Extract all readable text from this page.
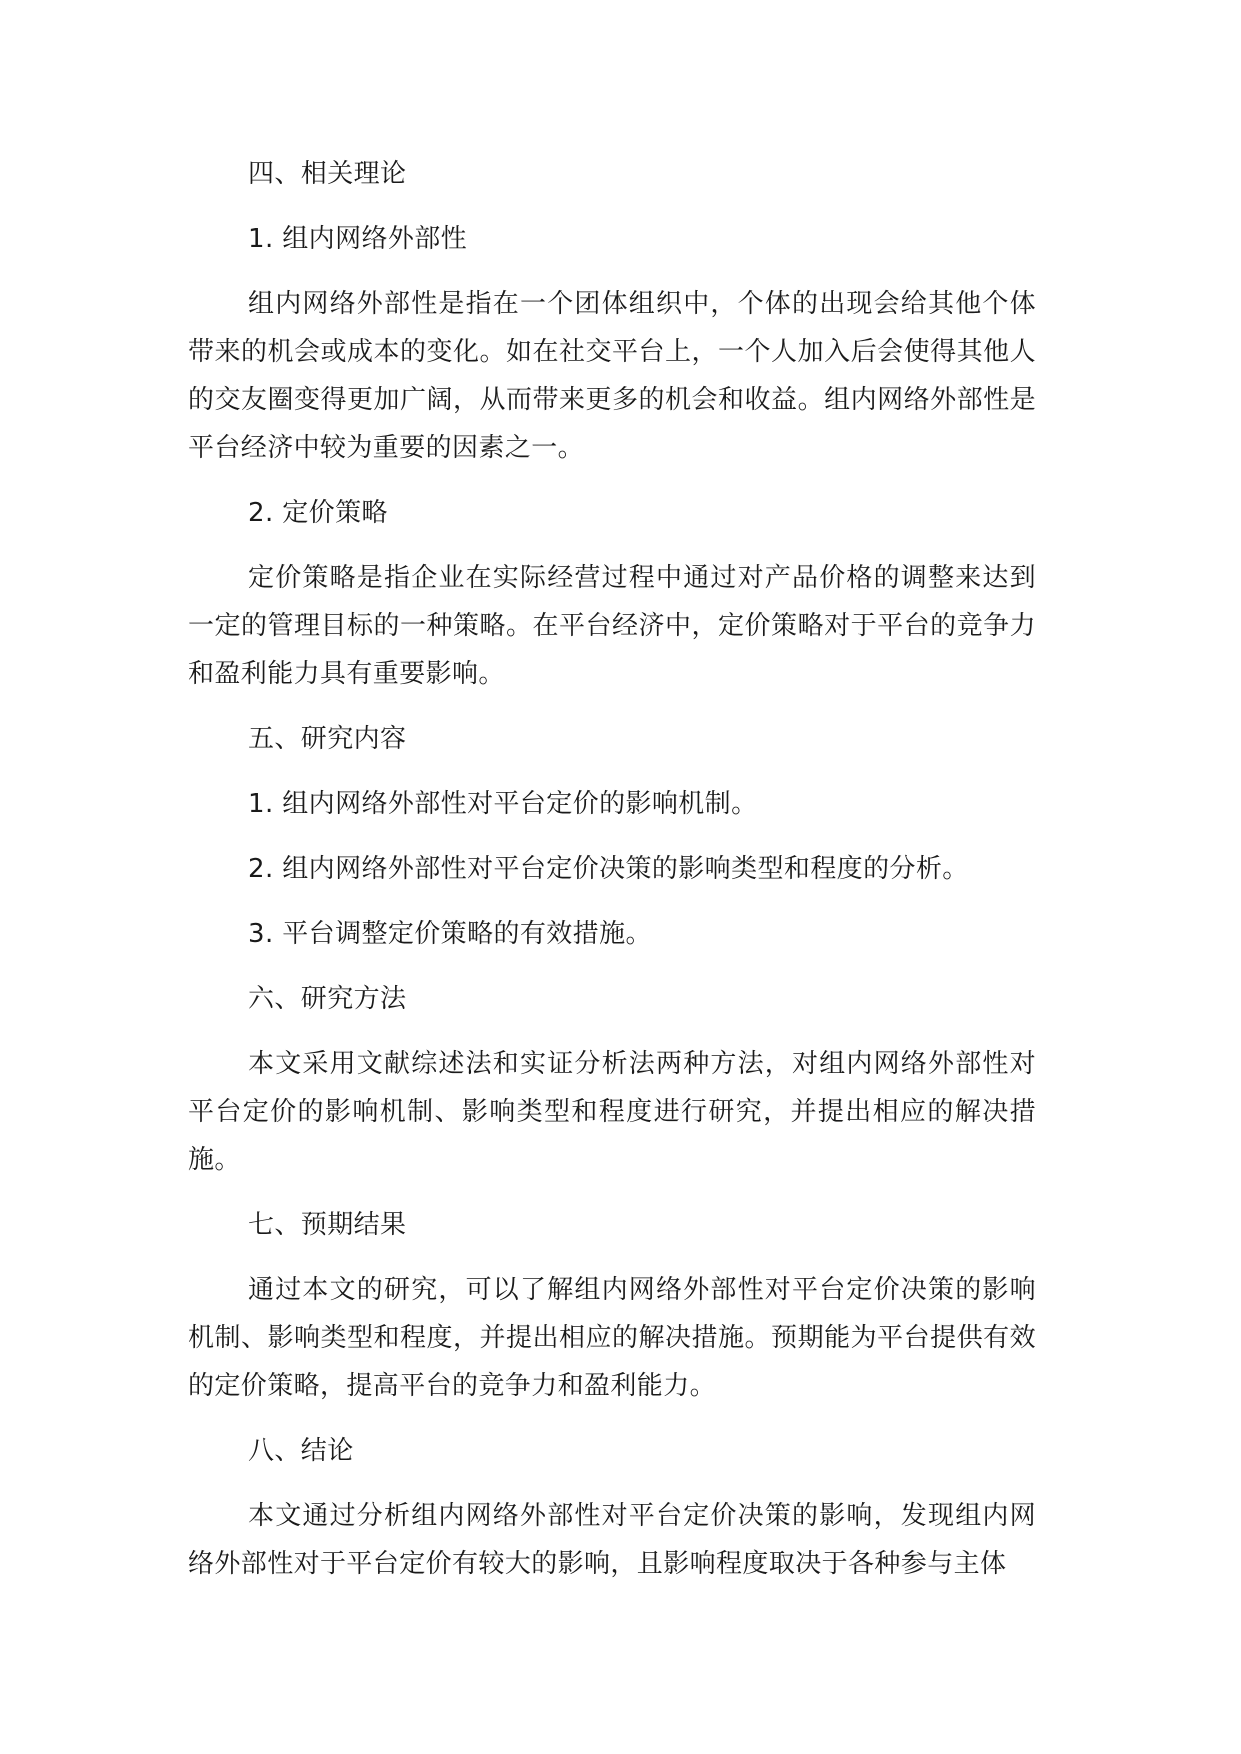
四、相关理论

1. 组内网络外部性

组内网络外部性是指在一个团体组织中，个体的出现会给其他个体带来的机会或成本的变化。如在社交平台上，一个人加入后会使得其他人的交友圈变得更加广阔，从而带来更多的机会和收益。组内网络外部性是平台经济中较为重要的因素之一。

2. 定价策略

定价策略是指企业在实际经营过程中通过对产品价格的调整来达到一定的管理目标的一种策略。在平台经济中，定价策略对于平台的竞争力和盈利能力具有重要影响。

五、研究内容

1. 组内网络外部性对平台定价的影响机制。

2. 组内网络外部性对平台定价决策的影响类型和程度的分析。

3. 平台调整定价策略的有效措施。

六、研究方法

本文采用文献综述法和实证分析法两种方法，对组内网络外部性对平台定价的影响机制、影响类型和程度进行研究，并提出相应的解决措施。

七、预期结果

通过本文的研究，可以了解组内网络外部性对平台定价决策的影响机制、影响类型和程度，并提出相应的解决措施。预期能为平台提供有效的定价策略，提高平台的竞争力和盈利能力。

八、结论

本文通过分析组内网络外部性对平台定价决策的影响，发现组内网络外部性对于平台定价有较大的影响，且影响程度取决于各种参与主体
